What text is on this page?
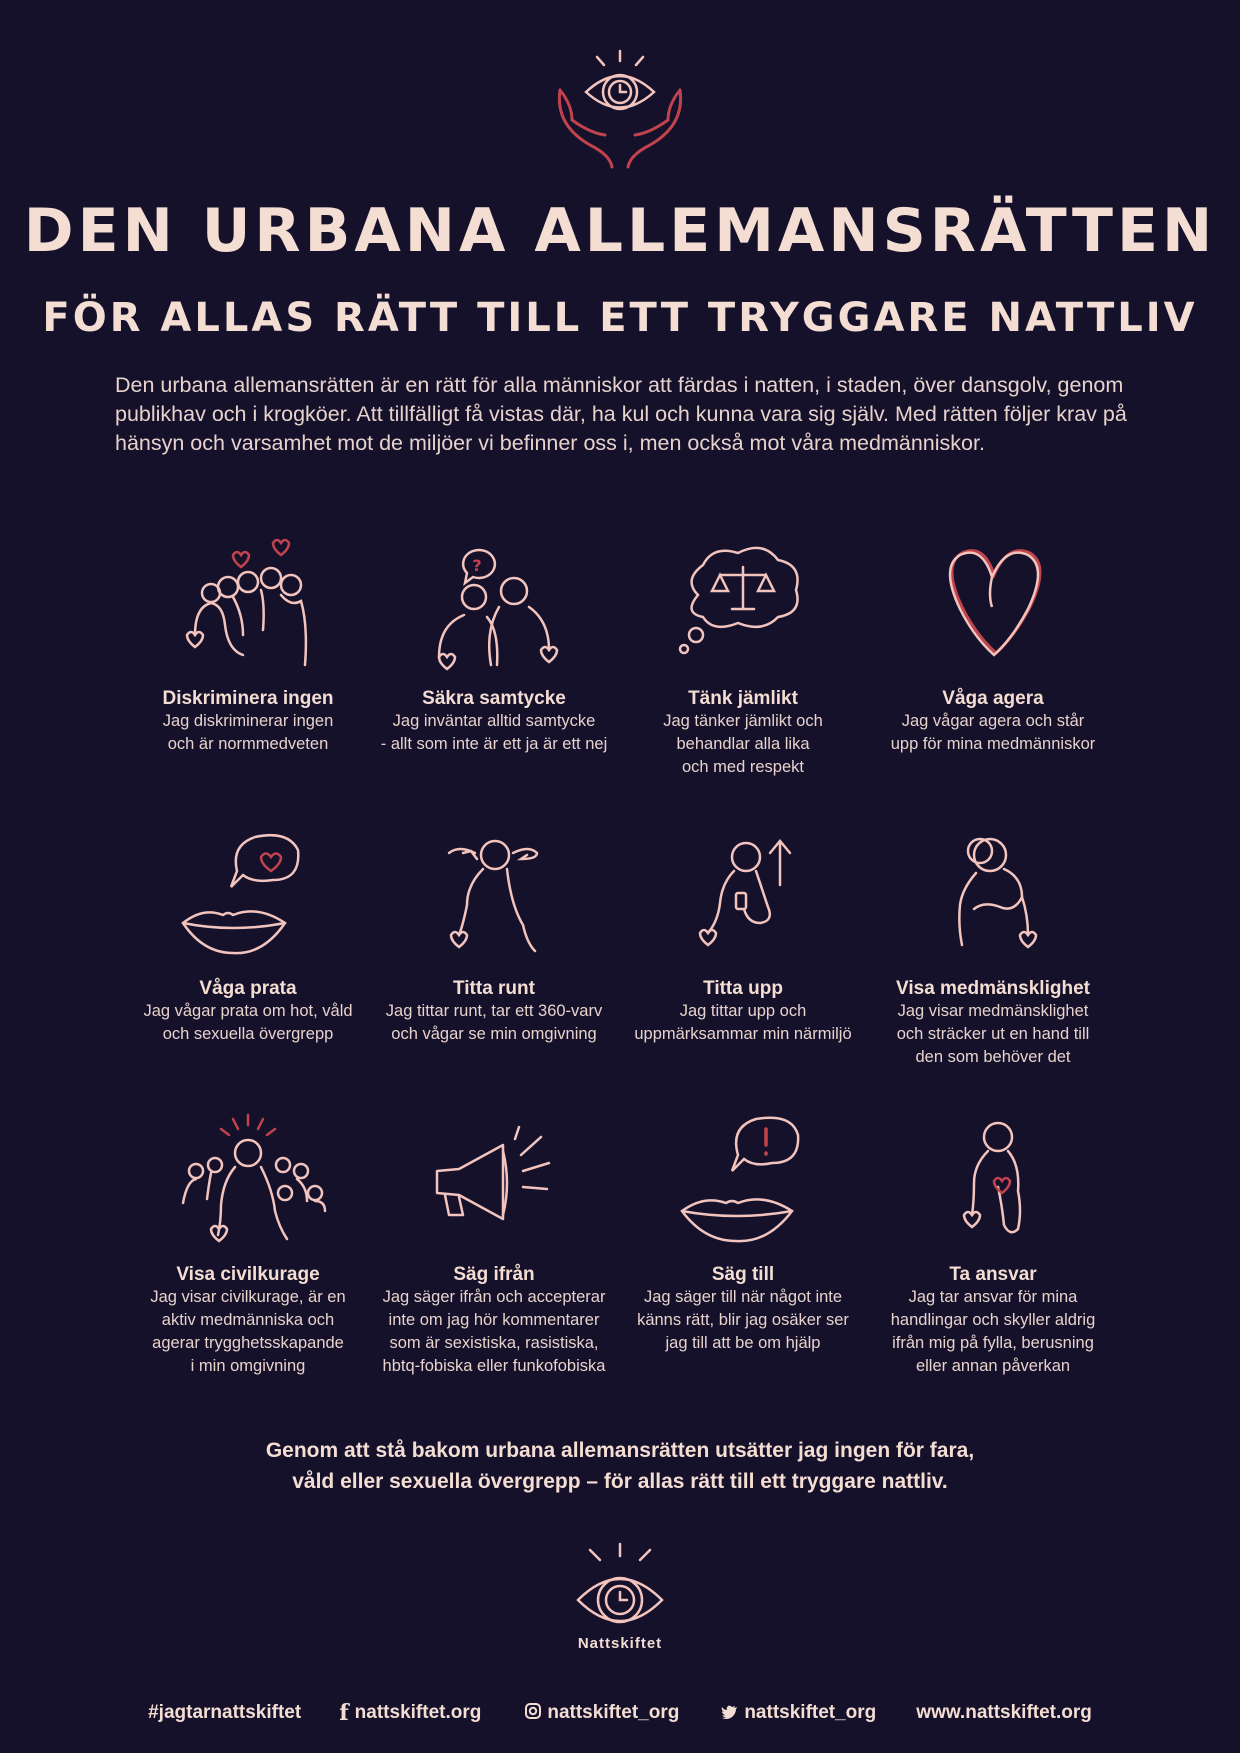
DEN URBANA ALLEMANSRÄTTEN
FÖR ALLAS RÄTT TILL ETT TRYGGARE NATTLIV
Den urbana allemansrätten är en rätt för alla människor att färdas i natten, i staden, över dansgolv, genom publikhav och i krogköer. Att tillfälligt få vistas där, ha kul och kunna vara sig själv. Med rätten följer krav på hänsyn och varsamhet mot de miljöer vi befinner oss i, men också mot våra medmänniskor.
Diskriminera ingen
Jag diskriminerar ingen
och är normmedveten
?
Säkra samtycke
Jag inväntar alltid samtycke
- allt som inte är ett ja är ett nej
Tänk jämlikt
Jag tänker jämlikt och
behandlar alla lika
och med respekt
Våga agera
Jag vågar agera och står
upp för mina medmänniskor
Våga prata
Jag vågar prata om hot, våld
och sexuella övergrepp
Titta runt
Jag tittar runt, tar ett 360-varv
och vågar se min omgivning
Titta upp
Jag tittar upp och
uppmärksammar min närmiljö
Visa medmänsklighet
Jag visar medmänsklighet
och sträcker ut en hand till
den som behöver det
Visa civilkurage
Jag visar civilkurage, är en
aktiv medmänniska och
agerar trygghetsskapande
i min omgivning
Säg ifrån
Jag säger ifrån och accepterar
inte om jag hör kommentarer
som är sexistiska, rasistiska,
hbtq-fobiska eller funkofobiska
Säg till
Jag säger till när något inte
känns rätt, blir jag osäker ser
jag till att be om hjälp
Ta ansvar
Jag tar ansvar för mina
handlingar och skyller aldrig
ifrån mig på fylla, berusning
eller annan påverkan
Genom att stå bakom urbana allemansrätten utsätter jag ingen för fara,
våld eller sexuella övergrepp – för allas rätt till ett tryggare nattliv.
Nattskiftet
#jagtarnattskiftet f nattskiftet.org	nattskiftet_org	nattskiftet_org www.nattskiftet.org
